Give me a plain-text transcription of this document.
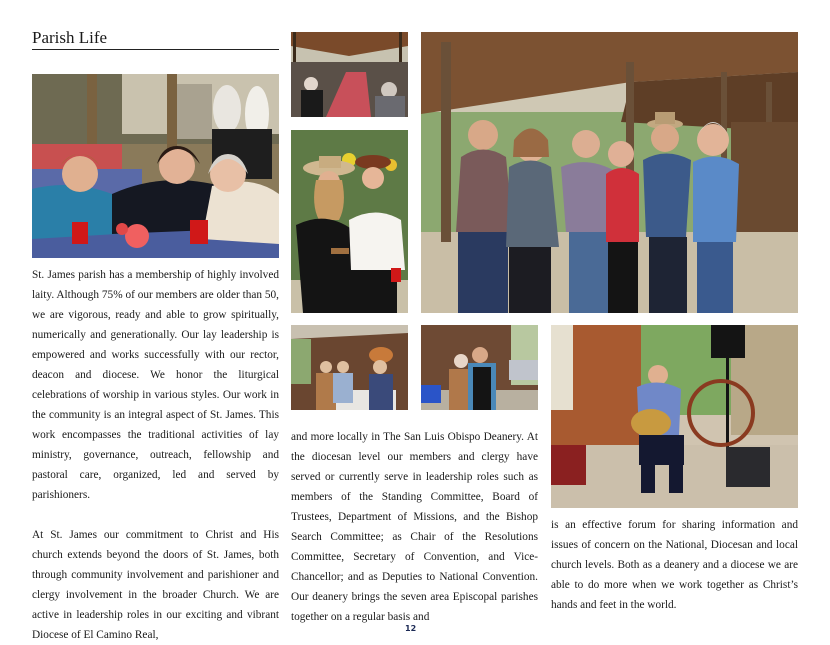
Parish Life

St. James parish has a membership of highly involved laity. Although 75% of our members are older than 50, we are vigorous, ready and able to grow spiritually, numerically and generationally. Our lay leadership is empowered and works successfully with our rector, deacon and diocese. We honor the liturgical celebrations of worship in various styles. Our work in the community is an integral aspect of St. James. This work encompasses the traditional activities of lay ministry, governance, outreach, fellowship and pastoral care, organized, led and served by parishioners.

At St. James our commitment to Christ and His church extends beyond the doors of St. James, both through community involvement and parishioner and clergy involvement in the broader Church. We are active in leadership roles in our exciting and vibrant Diocese of El Camino Real,

and more locally in The San Luis Obispo Deanery. At the diocesan level our members and clergy have served or currently serve in leadership roles such as members of the Standing Committee, Board of Trustees, Department of Missions, and the Bishop Search Committee; as Chair of the Resolutions Committee, Secretary of Convention, and Vice-Chancellor; and as Deputies to National Convention. Our deanery brings the seven area Episcopal parishes together on a regular basis and

is an effective forum for sharing information and issues of concern on the National, Diocesan and local church levels. Both as a deanery and a diocese we are able to do more when we work together as Christ’s hands and feet in the world.

12
